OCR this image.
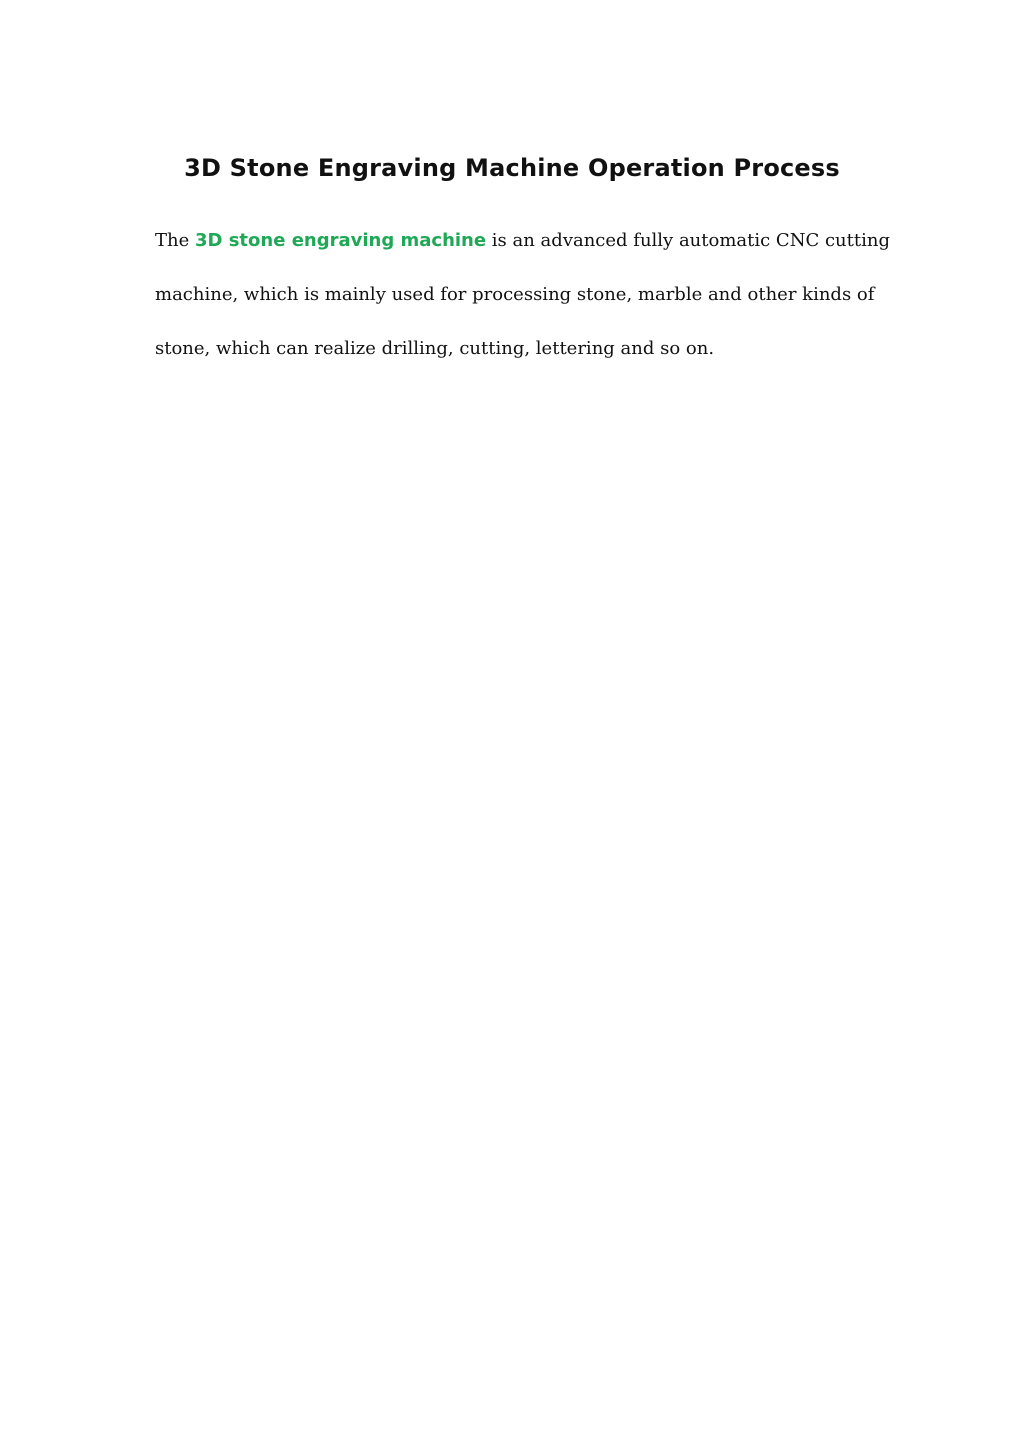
3D Stone Engraving Machine Operation Process

The 3D stone engraving machine is an advanced fully automatic CNC cutting
machine, which is mainly used for processing stone, marble and other kinds of
stone, which can realize drilling, cutting, lettering and so on.
